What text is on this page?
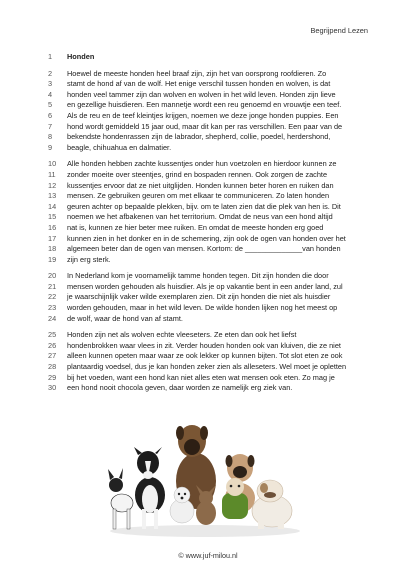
Begrijpend Lezen
1	Honden
2	Hoewel de meeste honden heel braaf zijn, zijn het van oorsprong roofdieren. Zo
3	stamt de hond af van de wolf. Het enige verschil tussen honden en wolven, is dat
4	honden veel tammer zijn dan wolven en wolven in het wild leven. Honden zijn lieve
5	en gezellige huisdieren. Een mannetje wordt een reu genoemd en vrouwtje een teef.
6	Als de reu en de teef kleintjes krijgen, noemen we deze jonge honden puppies. Een
7	hond wordt gemiddeld 15 jaar oud, maar dit kan per ras verschillen. Een paar van de
8	bekendste hondenrassen zijn de labrador, shepherd, collie, poedel, herdershond,
9	beagle, chihuahua en dalmatier.
10 Alle honden hebben zachte kussentjes onder hun voetzolen en hierdoor kunnen ze
11	zonder moeite over steentjes, grind en bospaden rennen. Ook zorgen de zachte
12 kussentjes ervoor dat ze niet uitglijden. Honden kunnen beter horen en ruiken dan
13 mensen. Ze gebruiken geuren om met elkaar te communiceren. Zo laten honden
14 geuren achter op bepaalde plekken, bijv. om te laten zien dat die plek van hen is. Dit
15 noemen we het afbakenen van het territorium. Omdat de neus van een hond altijd
16 nat is, kunnen ze hier beter mee ruiken. En omdat de meeste honden erg goed
17 kunnen zien in het donker en in de schemering, zijn ook de ogen van honden over het
18 algemeen beter dan de ogen van mensen. Kortom: de ______________van honden
19 zijn erg sterk.
20 In Nederland kom je voornamelijk tamme honden tegen. Dit zijn honden die door
21 mensen worden gehouden als huisdier. Als je op vakantie bent in een ander land, zul
22 je waarschijnlijk vaker wilde exemplaren zien. Dit zijn honden die niet als huisdier
23 worden gehouden, maar in het wild leven. De wilde honden lijken nog het meest op
24 de wolf, waar de hond van af stamt.
25 Honden zijn net als wolven echte vleeseters. Ze eten dan ook het liefst
26 hondenbrokken waar vlees in zit. Verder houden honden ook van kluiven, die ze niet
27 alleen kunnen opeten maar waar ze ook lekker op kunnen bijten. Tot slot eten ze ook
28 plantaardig voedsel, dus je kan honden zeker zien als alleseters. Wel moet je opletten
29 bij het voeden, want een hond kan niet alles eten wat mensen ook eten. Zo mag je
30 een hond nooit chocola geven, daar worden ze namelijk erg ziek van.
© www.juf-milou.nl
